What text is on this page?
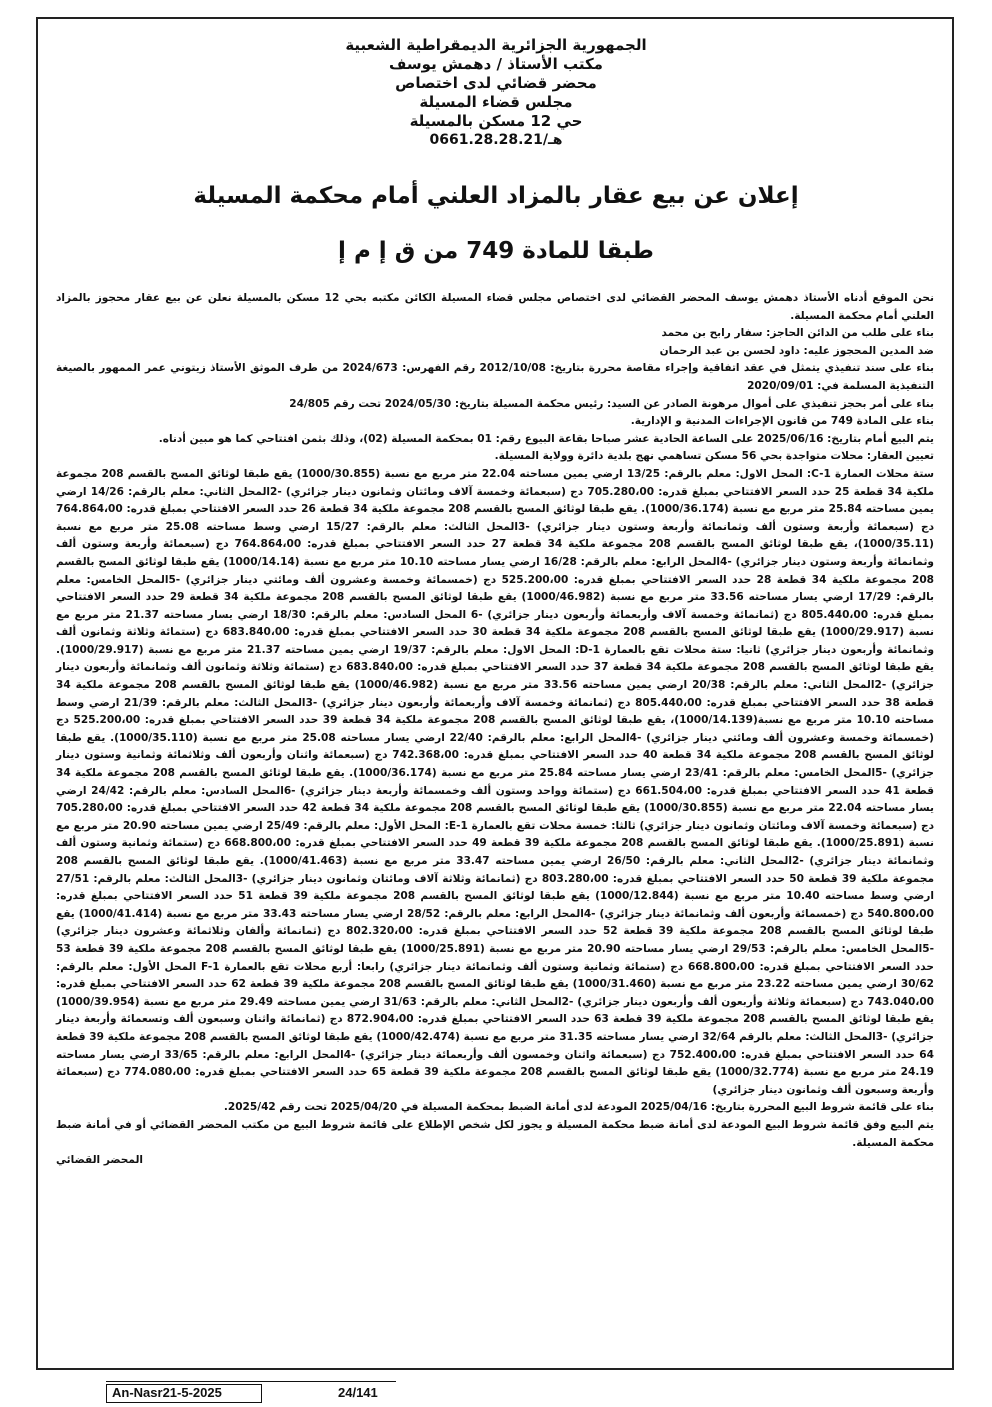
الجمهورية الجزائرية الديمقراطية الشعبية
مكتب الأستاذ / دهمش يوسف
محضر قضائي لدى اختصاص
مجلس قضاء المسيلة
حي 12 مسكن بالمسيلة
هـ/0661.28.28.21
إعلان عن بيع عقار بالمزاد العلني أمام محكمة المسيلة
طبقا للمادة 749 من ق إ م إ

نحن الموقع أدناه الأستاذ دهمش يوسف المحضر القضائي لدى اختصاص مجلس قضاء المسيلة الكائن مكتبه بحي 12 مسكن بالمسيلة نعلن عن بيع عقار محجوز بالمزاد العلني أمام محكمة المسيلة.

بناء على طلب من الدائن الحاجز: سفار رابح بن محمد

ضد المدين المحجوز عليه: داود لحسن بن عبد الرحمان

بناء على سند تنفيذي يتمثل في عقد اتفاقية وإجراء مقاصة محررة بتاريخ: 2012/10/08 رقم الفهرس: 2024/673 من طرف الموثق الأستاذ زيتوني عمر الممهور بالصيغة التنفيذية المسلمة في: 2020/09/01

بناء على أمر بحجز تنفيذي على أموال مرهونة الصادر عن السيد: رئيس محكمة المسيلة بتاريخ: 2024/05/30 تحت رقم 24/805

بناء على المادة 749 من قانون الإجراءات المدنية و الإدارية.

يتم البيع أمام بتاريخ: 2025/06/16 على الساعة الحادية عشر صباحا بقاعة البيوع رقم: 01 بمحكمة المسيلة (02)، وذلك بثمن افتتاحي كما هو مبين أدناه.

تعيين العقار: محلات متواجدة بحي 56 مسكن تساهمي نهج بلدية دائرة وولاية المسيلة.

ستة محلات العمارة C-1: المحل الاول: معلم بالرقم: 13/25 ارضي يمين مساحته 22.04 متر مربع مع نسبة (1000/30.855) يقع طبقا لوثائق المسح بالقسم 208 مجموعة ملكية 34 قطعة 25 حدد السعر الافتتاحي بمبلغ قدره: 705.280،00 دج (سبعمائة وخمسة آلاف ومائتان وثمانون دينار جزائري) -2المحل الثاني: معلم بالرقم: 14/26 ارضي يمين مساحته 25.84 متر مربع مع نسبة (1000/36.174). يقع طبقا لوثائق المسح بالقسم 208 مجموعة ملكية 34 قطعة 26 حدد السعر الافتتاحي بمبلغ قدره: 764.864،00 دج (سبعمائة وأربعة وستون ألف وثمانمائة وأربعة وستون دينار جزائري) -3المحل الثالث: معلم بالرقم: 15/27 ارضي وسط مساحته 25.08 متر مربع مع نسبة (1000/35.11)، يقع طبقا لوثائق المسح بالقسم 208 مجموعة ملكية 34 قطعة 27 حدد السعر الافتتاحي بمبلغ قدره: 764.864،00 دج (سبعمائة وأربعة وستون ألف وثمانمائة وأربعة وستون دينار جزائري) -4المحل الرابع: معلم بالرقم: 16/28 ارضي يسار مساحته 10.10 متر مربع مع نسبة (1000/14.14) يقع طبقا لوثائق المسح بالقسم 208 مجموعة ملكية 34 قطعة 28 حدد السعر الافتتاحي بمبلغ قدره: 525.200،00 دج (خمسمائة وخمسة وعشرون ألف ومائتي دينار جزائري) -5المحل الخامس: معلم بالرقم: 17/29 ارضي يسار مساحته 33.56 متر مربع مع نسبة (1000/46.982) يقع طبقا لوثائق المسح بالقسم 208 مجموعة ملكية 34 قطعة 29 حدد السعر الافتتاحي بمبلغ قدره: 805.440،00 دج (ثمانمائة وخمسة آلاف وأربعمائة وأربعون دينار جزائري) -6 المحل السادس: معلم بالرقم: 18/30 ارضي يسار مساحته 21.37 متر مربع مع نسبة (1000/29.917) يقع طبقا لوثائق المسح بالقسم 208 مجموعة ملكية 34 قطعة 30 حدد السعر الافتتاحي بمبلغ قدره: 683.840،00 دج (ستمائة وثلاثة وثمانون ألف وثمانمائة وأربعون دينار جزائري) ثانيا: ستة محلات تقع بالعمارة D-1: المحل الاول: معلم بالرقم: 19/37 ارضي يمين مساحته 21.37 متر مربع مع نسبة (1000/29.917). يقع طبقا لوثائق المسح بالقسم 208 مجموعة ملكية 34 قطعة 37 حدد السعر الافتتاحي بمبلغ قدره: 683.840،00 دج (ستمائة وثلاثة وثمانون ألف وثمانمائة وأربعون دينار جزائري) -2المحل الثاني: معلم بالرقم: 20/38 ارضي يمين مساحته 33.56 متر مربع مع نسبة (1000/46.982) يقع طبقا لوثائق المسح بالقسم 208 مجموعة ملكية 34 قطعة 38 حدد السعر الافتتاحي بمبلغ قدره: 805.440،00 دج (ثمانمائة وخمسة آلاف وأربعمائة وأربعون دينار جزائري) -3المحل الثالث: معلم بالرقم: 21/39 ارضي وسط مساحته 10.10 متر مربع مع نسبة(1000/14.139)، يقع طبقا لوثائق المسح بالقسم 208 مجموعة ملكية 34 قطعة 39 حدد السعر الافتتاحي بمبلغ قدره: 525.200،00 دج (خمسمائة وخمسة وعشرون ألف ومائتي دينار جزائري) -4المحل الرابع: معلم بالرقم: 22/40 ارضي يسار مساحته 25.08 متر مربع مع نسبة (1000/35.110). يقع طبقا لوثائق المسح بالقسم 208 مجموعة ملكية 34 قطعة 40 حدد السعر الافتتاحي بمبلغ قدره: 742.368،00 دج (سبعمائة واثنان وأربعون ألف وثلاثمائة وثمانية وستون دينار جزائري) -5المحل الخامس: معلم بالرقم: 23/41 ارضي يسار مساحته 25.84 متر مربع مع نسبة (1000/36.174). يقع طبقا لوثائق المسح بالقسم 208 مجموعة ملكية 34 قطعة 41 حدد السعر الافتتاحي بمبلغ قدره: 661.504،00 دج (ستمائة وواحد وستون ألف وخمسمائة وأربعة دينار جزائري) -6المحل السادس: معلم بالرقم: 24/42 ارضي يسار مساحته 22.04 متر مربع مع نسبة (1000/30.855) يقع طبقا لوثائق المسح بالقسم 208 مجموعة ملكية 34 قطعة 42 حدد السعر الافتتاحي بمبلغ قدره: 705.280،00 دج (سبعمائة وخمسة آلاف ومائتان وثمانون دينار جزائري) ثالثا: خمسة محلات تقع بالعمارة E-1: المحل الأول: معلم بالرقم: 25/49 ارضي يمين مساحته 20.90 متر مربع مع نسبة (1000/25.891). يقع طبقا لوثائق المسح بالقسم 208 مجموعة ملكية 39 قطعة 49 حدد السعر الافتتاحي بمبلغ قدره: 668.800،00 دج (ستمائة وثمانية وستون ألف وثمانمائة دينار جزائري) -2المحل الثاني: معلم بالرقم: 26/50 ارضي يمين مساحته 33.47 متر مربع مع نسبة (1000/41.463). يقع طبقا لوثائق المسح بالقسم 208 مجموعة ملكية 39 قطعة 50 حدد السعر الافتتاحي بمبلغ قدره: 803.280،00 دج (ثمانمائة وثلاثة آلاف ومائتان وثمانون دينار جزائري) -3المحل الثالث: معلم بالرقم: 27/51 ارضي وسط مساحته 10.40 متر مربع مع نسبة (1000/12.844) يقع طبقا لوثائق المسح بالقسم 208 مجموعة ملكية 39 قطعة 51 حدد السعر الافتتاحي بمبلغ قدره: 540.800،00 دج (خمسمائة وأربعون ألف وثمانمائة دينار جزائري) -4المحل الرابع: معلم بالرقم: 28/52 ارضي يسار مساحته 33.43 متر مربع مع نسبة (1000/41.414) يقع طبقا لوثائق المسح بالقسم 208 مجموعة ملكية 39 قطعة 52 حدد السعر الافتتاحي بمبلغ قدره: 802.320،00 دج (ثمانمائة وألفان وثلاثمائة وعشرون دينار جزائري) -5المحل الخامس: معلم بالرقم: 29/53 ارضي يسار مساحته 20.90 متر مربع مع نسبة (1000/25.891) يقع طبقا لوثائق المسح بالقسم 208 مجموعة ملكية 39 قطعة 53 حدد السعر الافتتاحي بمبلغ قدره: 668.800،00 دج (ستمائة وثمانية وستون ألف وثمانمائة دينار جزائري) رابعا: أربع محلات تقع بالعمارة F-1 المحل الأول: معلم بالرقم: 30/62 ارضي يمين مساحته 23.22 متر مربع مع نسبة (1000/31.460) يقع طبقا لوثائق المسح بالقسم 208 مجموعة ملكية 39 قطعة 62 حدد السعر الافتتاحي بمبلغ قدره: 743.040،00 دج (سبعمائة وثلاثة وأربعون ألف وأربعون دينار جزائري) -2المحل الثاني: معلم بالرقم: 31/63 ارضي يمين مساحته 29.49 متر مربع مع نسبة (1000/39.954) يقع طبقا لوثائق المسح بالقسم 208 مجموعة ملكية 39 قطعة 63 حدد السعر الافتتاحي بمبلغ قدره: 872.904،00 دج (ثمانمائة واثنان وسبعون ألف وتسعمائة وأربعة دينار جزائري) -3المحل الثالث: معلم بالرقم 32/64 ارضي يسار مساحته 31.35 متر مربع مع نسبة (1000/42.474) يقع طبقا لوثائق المسح بالقسم 208 مجموعة ملكية 39 قطعة 64 حدد السعر الافتتاحي بمبلغ قدره: 752.400،00 دج (سبعمائة واثنان وخمسون ألف وأربعمائة دينار جزائري) -4المحل الرابع: معلم بالرقم: 33/65 ارضي يسار مساحته 24.19 متر مربع مع نسبة (1000/32.774) يقع طبقا لوثائق المسح بالقسم 208 مجموعة ملكية 39 قطعة 65 حدد السعر الافتتاحي بمبلغ قدره: 774.080،00 دج (سبعمائة وأربعة وسبعون ألف وثمانون دينار جزائري)

بناء على قائمة شروط البيع المحررة بتاريخ: 2025/04/16 المودعة لدى أمانة الضبط بمحكمة المسيلة في 2025/04/20 تحت رقم 2025/42.

يتم البيع وفق قائمة شروط البيع المودعة لدى أمانة ضبط محكمة المسيلة و يجوز لكل شخص الإطلاع على قائمة شروط البيع من مكتب المحضر القضائي أو في أمانة ضبط محكمة المسيلة.

المحضر القضائي

An-Nasr21-5-2025	24/141
